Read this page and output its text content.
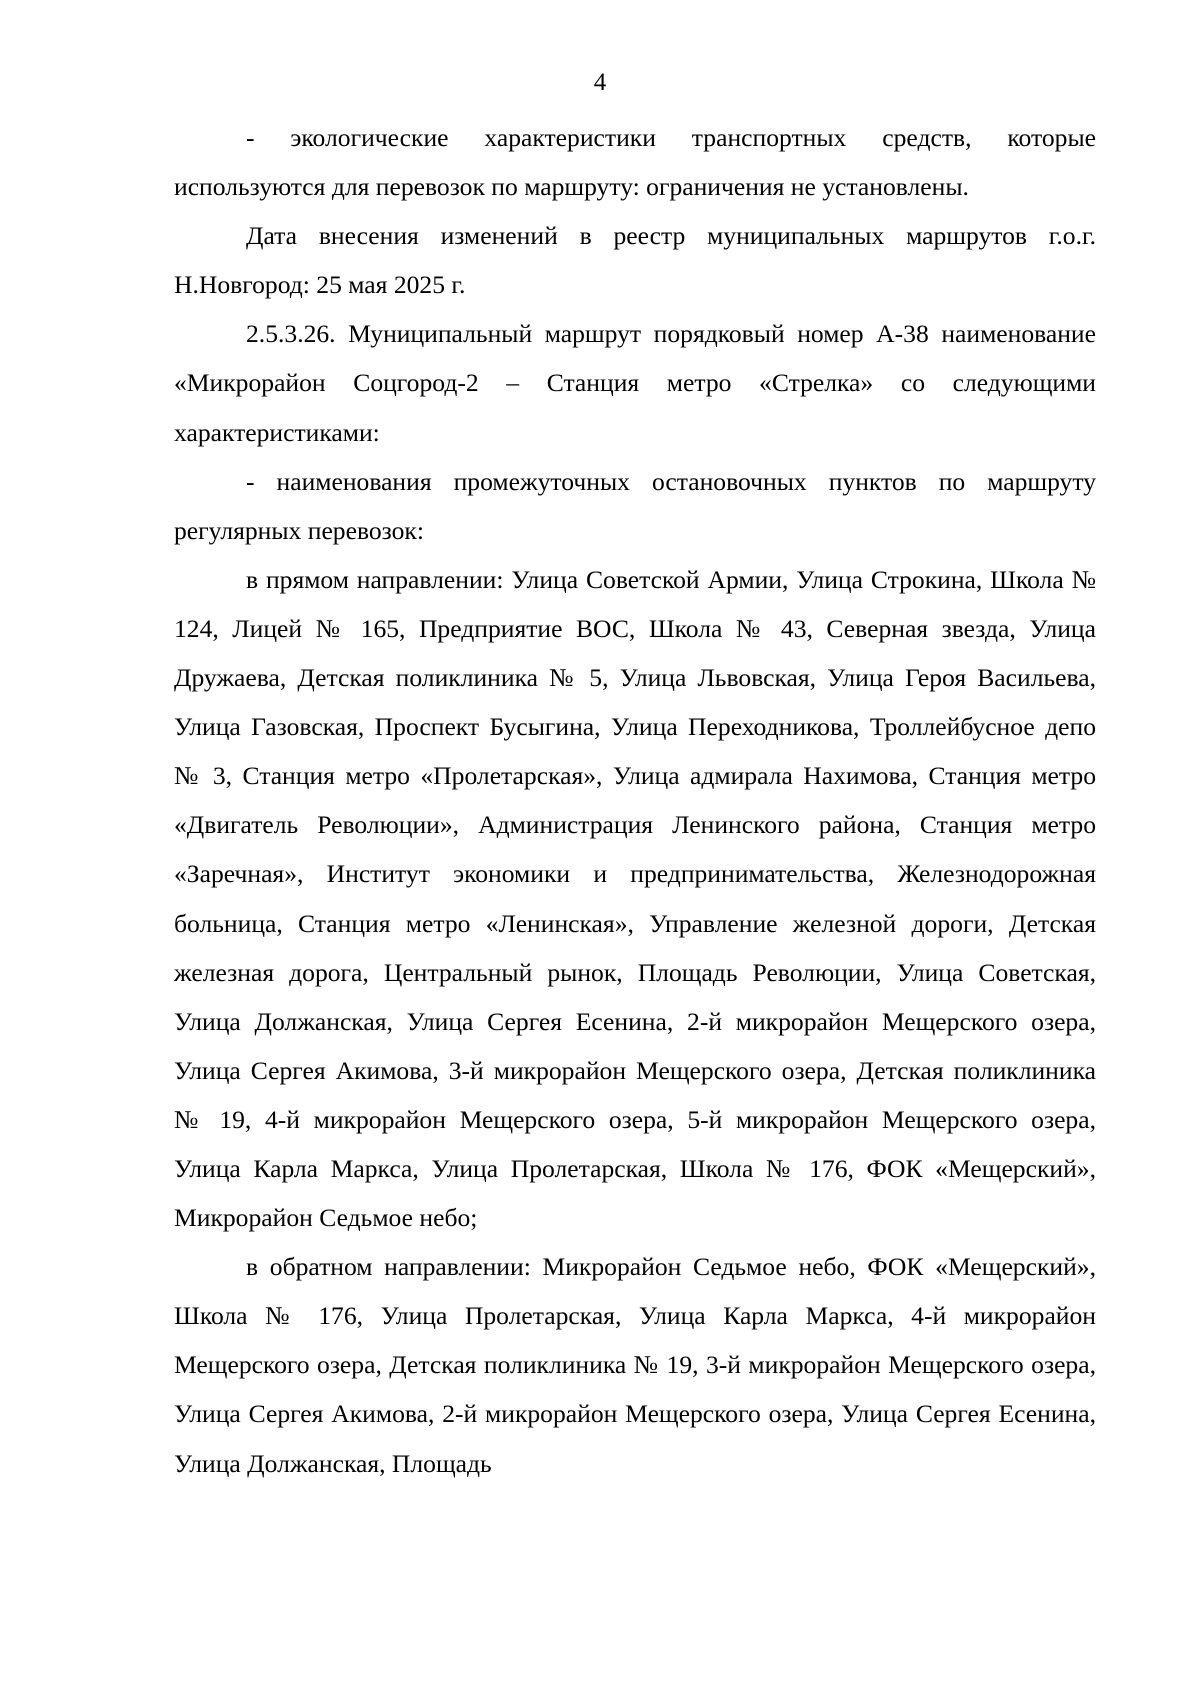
4

- экологические характеристики транспортных средств, которые используются для перевозок по маршруту: ограничения не установлены.

Дата внесения изменений в реестр муниципальных маршрутов г.о.г. Н.Новгород: 25 мая 2025 г.

2.5.3.26. Муниципальный маршрут порядковый номер А-38 наименование «Микрорайон Соцгород-2 – Станция метро «Стрелка» со следующими характеристиками:

- наименования промежуточных остановочных пунктов по маршруту регулярных перевозок:

в прямом направлении: Улица Советской Армии, Улица Строкина, Школа № 124, Лицей № 165, Предприятие ВОС, Школа № 43, Северная звезда, Улица Дружаева, Детская поликлиника № 5, Улица Львовская, Улица Героя Васильева, Улица Газовская, Проспект Бусыгина, Улица Переходникова, Троллейбусное депо № 3, Станция метро «Пролетарская», Улица адмирала Нахимова, Станция метро «Двигатель Революции», Администрация Ленинского района, Станция метро «Заречная», Институт экономики и предпринимательства, Железнодорожная больница, Станция метро «Ленинская», Управление железной дороги, Детская железная дорога, Центральный рынок, Площадь Революции, Улица Советская, Улица Должанская, Улица Сергея Есенина, 2-й микрорайон Мещерского озера, Улица Сергея Акимова, 3-й микрорайон Мещерского озера, Детская поликлиника № 19, 4-й микрорайон Мещерского озера, 5-й микрорайон Мещерского озера, Улица Карла Маркса, Улица Пролетарская, Школа № 176, ФОК «Мещерский», Микрорайон Седьмое небо;

в обратном направлении: Микрорайон Седьмое небо, ФОК «Мещерский», Школа № 176, Улица Пролетарская, Улица Карла Маркса, 4-й микрорайон Мещерского озера, Детская поликлиника № 19, 3-й микрорайон Мещерского озера, Улица Сергея Акимова, 2-й микрорайон Мещерского озера, Улица Сергея Есенина, Улица Должанская, Площадь
